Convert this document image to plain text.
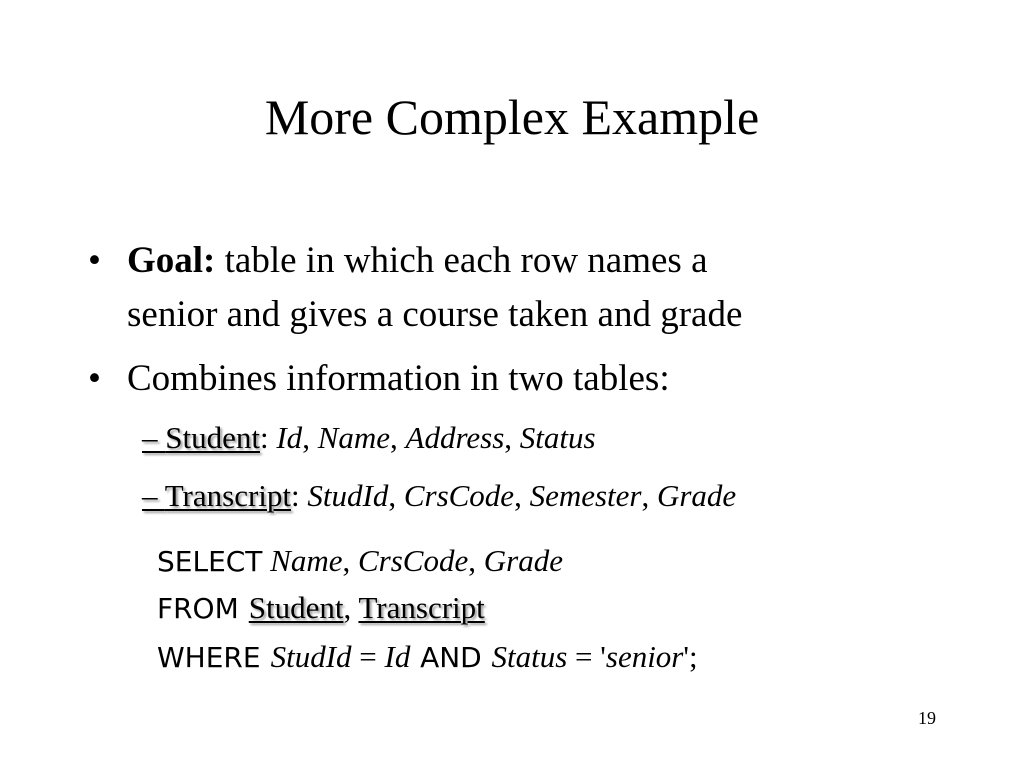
More Complex Example
• Goal: table in which each row names a
senior and gives a course taken and grade
• Combines information in two tables:
– Student: Id, Name, Address, Status
– Transcript: StudId, CrsCode, Semester, Grade
SELECT Name, CrsCode, Grade
FROM Student, Transcript
WHERE StudId = Id AND Status = 'senior';
19
